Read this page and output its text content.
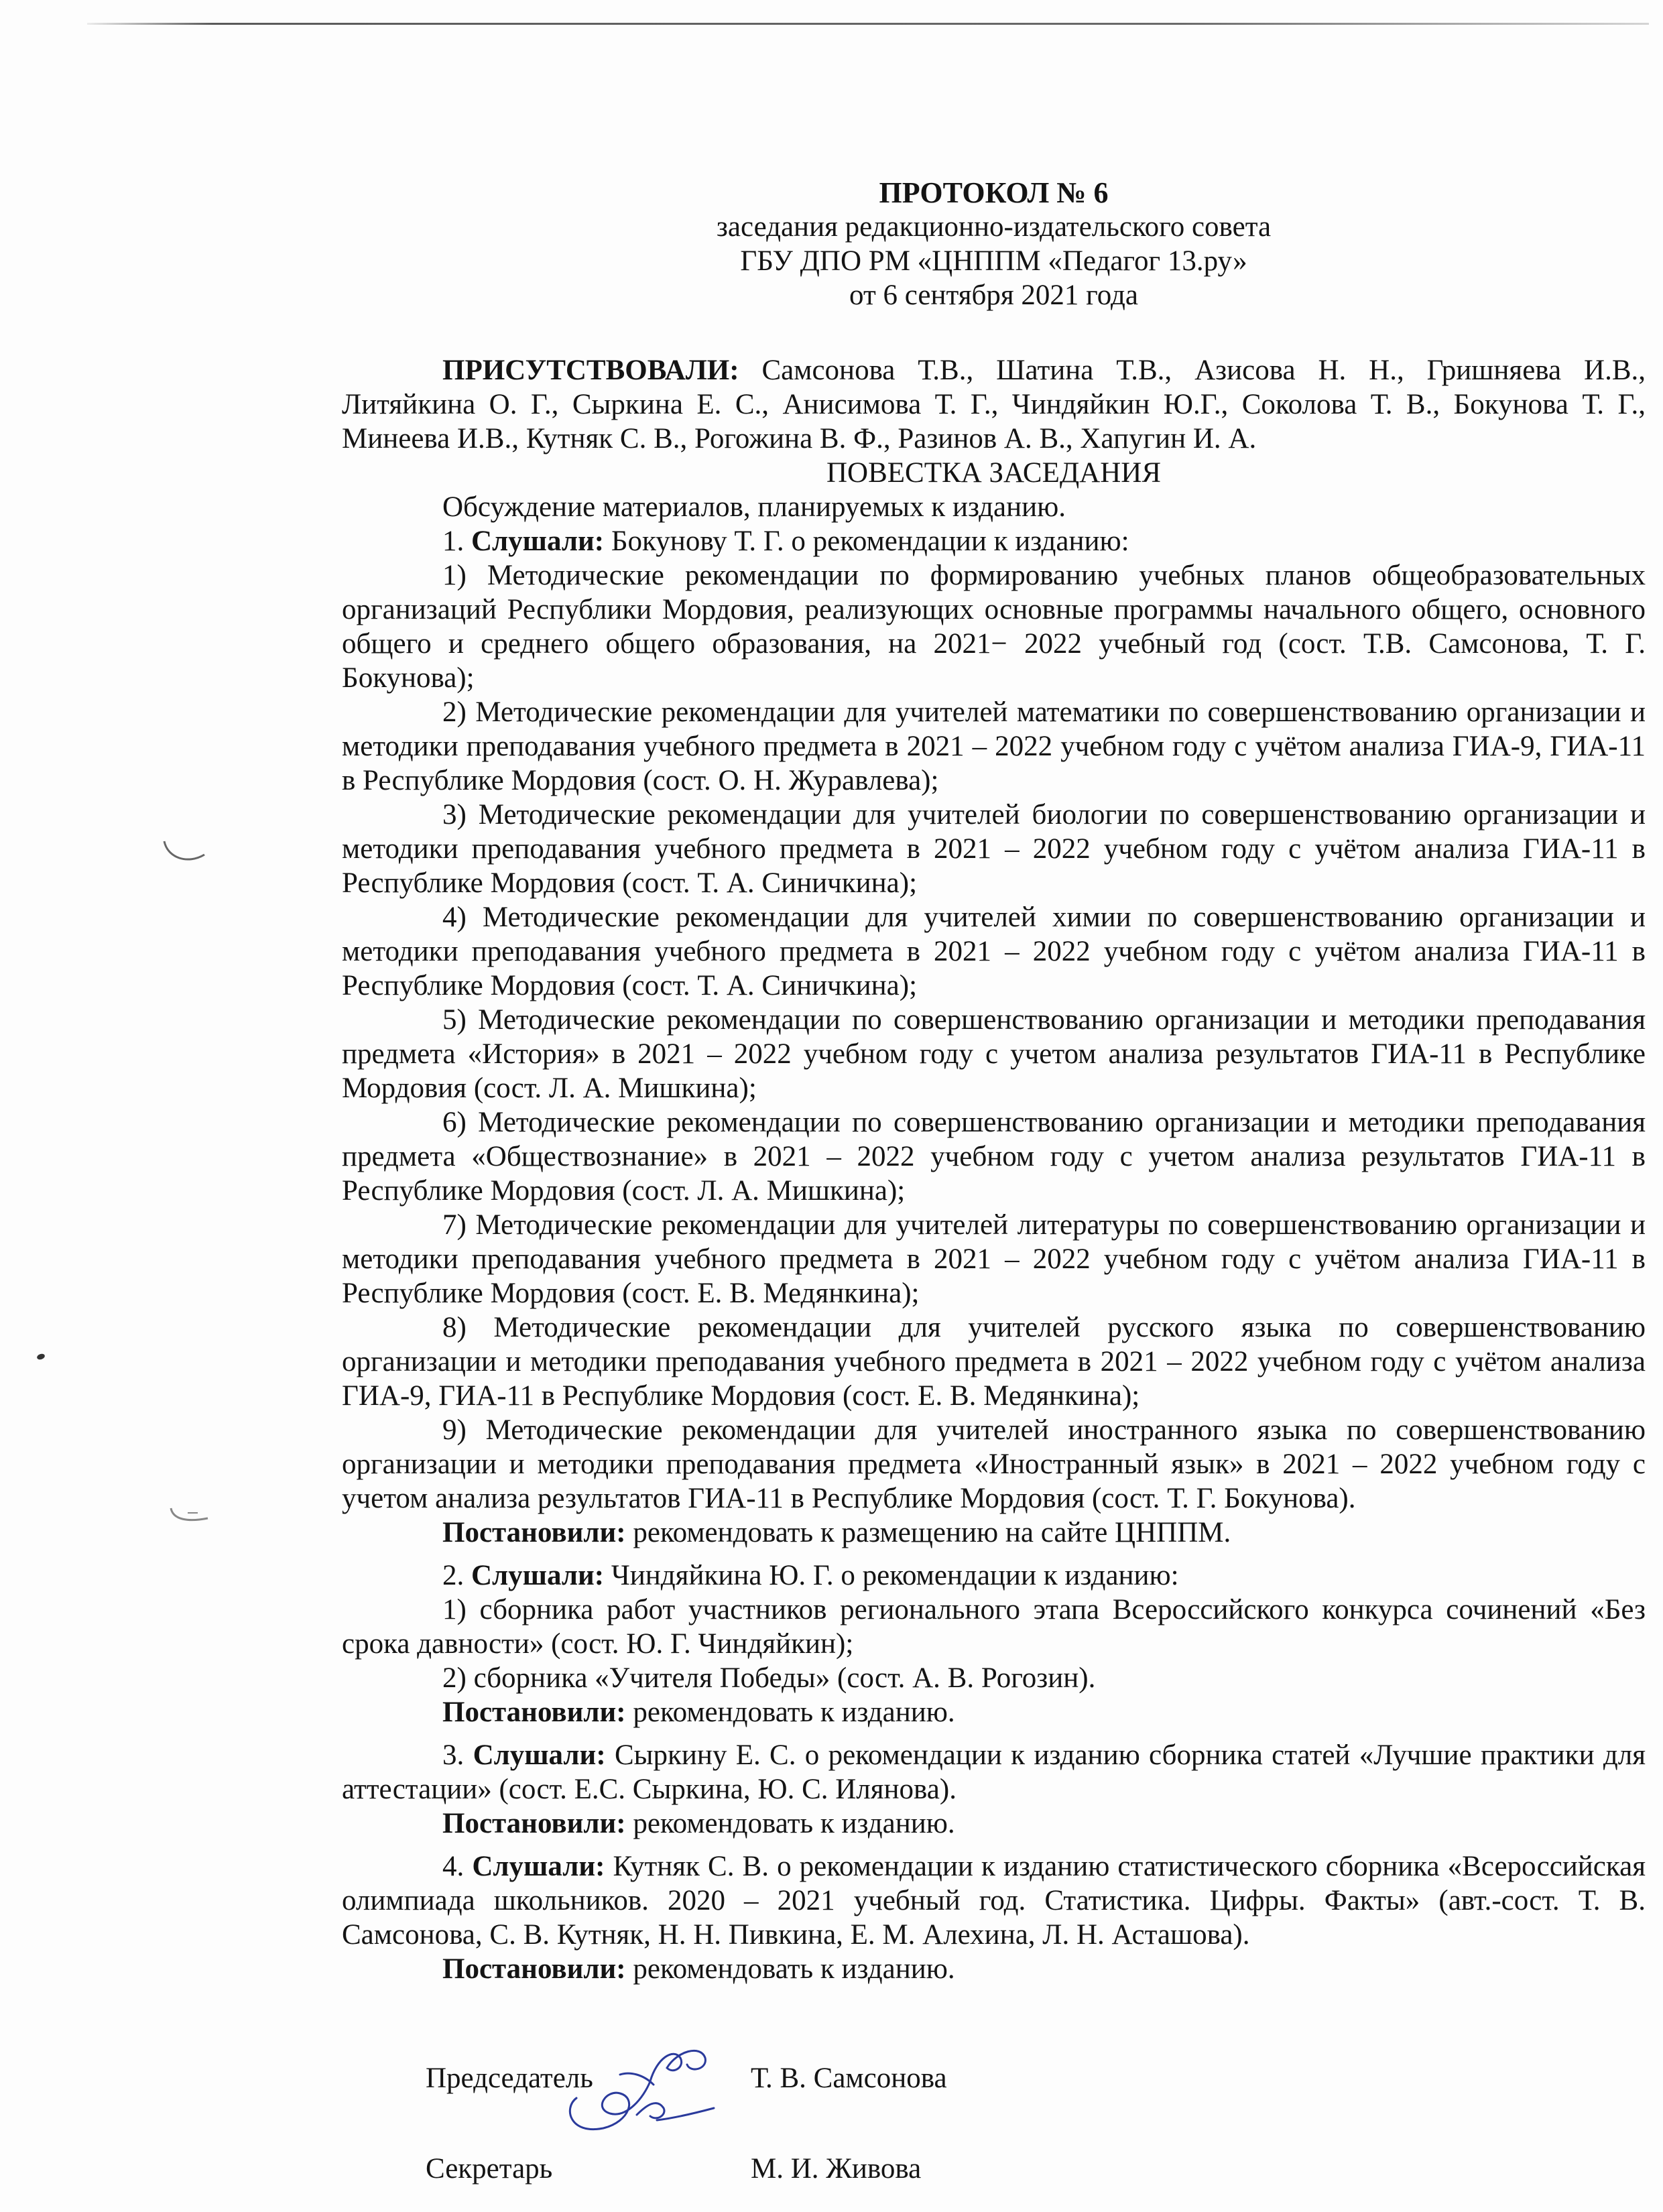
ПРОТОКОЛ № 6
заседания редакционно-издательского совета
ГБУ ДПО РМ «ЦНППМ «Педагог 13.ру»
от 6 сентября 2021 года

ПРИСУТСТВОВАЛИ: Самсонова Т.В., Шатина Т.В., Азисова Н. Н., Гришняева И.В., Литяйкина О. Г., Сыркина Е. С., Анисимова Т. Г., Чиндяйкин Ю.Г., Соколова Т. В., Бокунова Т. Г., Минеева И.В., Кутняк С. В., Рогожина В. Ф., Разинов А. В., Хапугин И. А.

ПОВЕСТКА ЗАСЕДАНИЯ

Обсуждение материалов, планируемых к изданию.

1. Слушали: Бокунову Т. Г. о рекомендации к изданию:

1) Методические рекомендации по формированию учебных планов общеобразовательных организаций Республики Мордовия, реализующих основные программы начального общего, основного общего и среднего общего образования, на 2021− 2022 учебный год (сост. Т.В. Самсонова, Т. Г. Бокунова);

2) Методические рекомендации для учителей математики по совершенствованию организации и методики преподавания учебного предмета в 2021 – 2022 учебном году с учётом анализа ГИА-9, ГИА-11 в Республике Мордовия (сост. О. Н. Журавлева);

3) Методические рекомендации для учителей биологии по совершенствованию организации и методики преподавания учебного предмета в 2021 – 2022 учебном году с учётом анализа ГИА-11 в Республике Мордовия (сост. Т. А. Синичкина);

4) Методические рекомендации для учителей химии по совершенствованию организации и методики преподавания учебного предмета в 2021 – 2022 учебном году с учётом анализа ГИА-11 в Республике Мордовия (сост. Т. А. Синичкина);

5) Методические рекомендации по совершенствованию организации и методики преподавания предмета «История» в 2021 – 2022 учебном году с учетом анализа результатов ГИА-11 в Республике Мордовия (сост. Л. А. Мишкина);

6) Методические рекомендации по совершенствованию организации и методики преподавания предмета «Обществознание» в 2021 – 2022 учебном году с учетом анализа результатов ГИА-11 в Республике Мордовия (сост. Л. А. Мишкина);

7) Методические рекомендации для учителей литературы по совершенствованию организации и методики преподавания учебного предмета в 2021 – 2022 учебном году с учётом анализа ГИА-11 в Республике Мордовия (сост. Е. В. Медянкина);

8) Методические рекомендации для учителей русского языка по совершенствованию организации и методики преподавания учебного предмета в 2021 – 2022 учебном году с учётом анализа ГИА-9, ГИА-11 в Республике Мордовия (сост. Е. В. Медянкина);

9) Методические рекомендации для учителей иностранного языка по совершенствованию организации и методики преподавания предмета «Иностранный язык» в 2021 – 2022 учебном году с учетом анализа результатов ГИА-11 в Республике Мордовия (сост. Т. Г. Бокунова).

Постановили: рекомендовать к размещению на сайте ЦНППМ.

2. Слушали: Чиндяйкина Ю. Г. о рекомендации к изданию:

1) сборника работ участников регионального этапа Всероссийского конкурса сочинений «Без срока давности» (сост. Ю. Г. Чиндяйкин);

2) сборника «Учителя Победы» (сост. А. В. Рогозин).

Постановили: рекомендовать к изданию.

3. Слушали: Сыркину Е. С. о рекомендации к изданию сборника статей «Лучшие практики для аттестации» (сост. Е.С. Сыркина, Ю. С. Илянова).

Постановили: рекомендовать к изданию.

4. Слушали: Кутняк С. В. о рекомендации к изданию статистического сборника «Всероссийская олимпиада школьников. 2020 – 2021 учебный год. Статистика. Цифры. Факты» (авт.-сост. Т. В. Самсонова, С. В. Кутняк, Н. Н. Пивкина, Е. М. Алехина, Л. Н. Асташова).

Постановили: рекомендовать к изданию.

Председатель	Т. В. Самсонова
Секретарь	М. И. Живова
